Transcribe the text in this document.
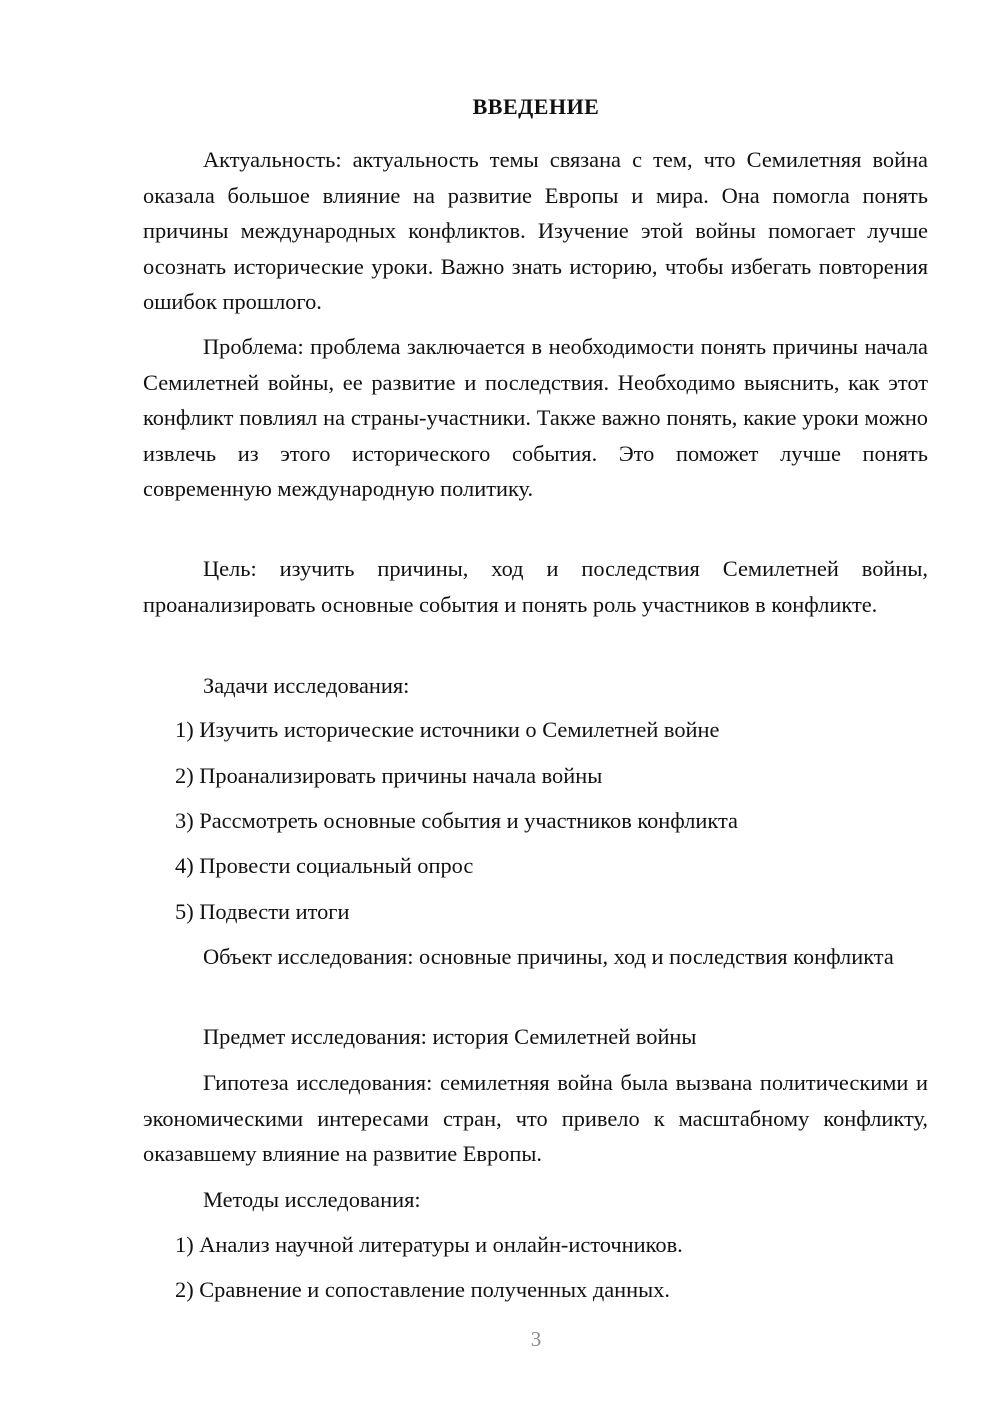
ВВЕДЕНИЕ
Актуальность: актуальность темы связана с тем, что Семилетняя война оказала большое влияние на развитие Европы и мира. Она помогла понять причины международных конфликтов. Изучение этой войны помогает лучше осознать исторические уроки. Важно знать историю, чтобы избегать повторения ошибок прошлого.
Проблема: проблема заключается в необходимости понять причины начала Семилетней войны, ее развитие и последствия. Необходимо выяснить, как этот конфликт повлиял на страны-участники. Также важно понять, какие уроки можно извлечь из этого исторического события. Это поможет лучше понять современную международную политику.
Цель: изучить причины, ход и последствия Семилетней войны, проанализировать основные события и понять роль участников в конфликте.
Задачи исследования:
1) Изучить исторические источники о Семилетней войне
2) Проанализировать причины начала войны
3) Рассмотреть основные события и участников конфликта
4) Провести социальный опрос
5) Подвести итоги
Объект исследования: основные причины, ход и последствия конфликта
Предмет исследования: история Семилетней войны
Гипотеза исследования: семилетняя война была вызвана политическими и экономическими интересами стран, что привело к масштабному конфликту, оказавшему влияние на развитие Европы.
Методы исследования:
1) Анализ научной литературы и онлайн-источников.
2) Сравнение и сопоставление полученных данных.
3
